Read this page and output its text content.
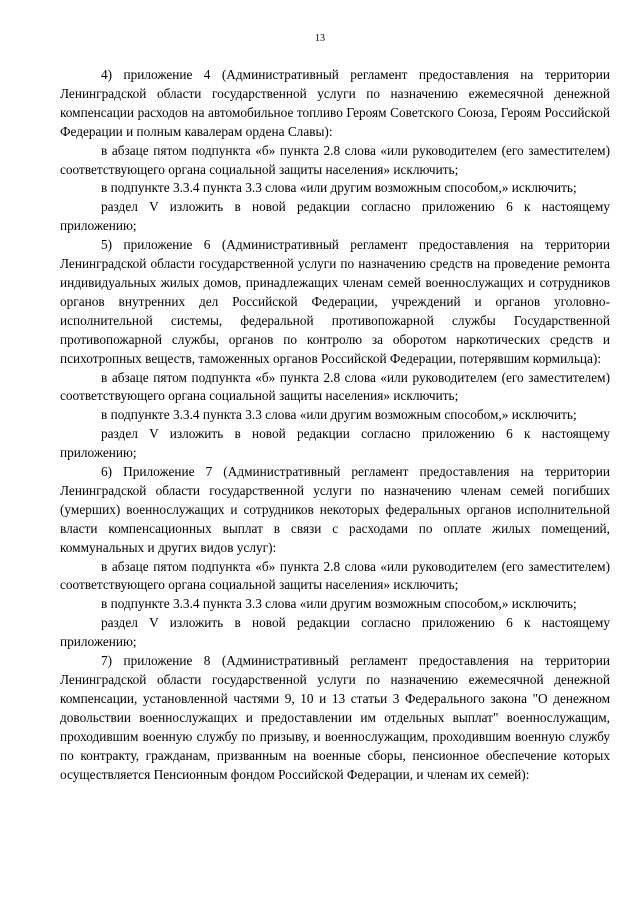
13

4) приложение 4 (Административный регламент предоставления на территории Ленинградской области государственной услуги по назначению ежемесячной денежной компенсации расходов на автомобильное топливо Героям Советского Союза, Героям Российской Федерации и полным кавалерам ордена Славы):

в абзаце пятом подпункта «б» пункта 2.8 слова «или руководителем (его заместителем) соответствующего органа социальной защиты населения» исключить;

в подпункте 3.3.4 пункта 3.3 слова «или другим возможным способом,» исключить;

раздел V изложить в новой редакции согласно приложению 6 к настоящему приложению;

5) приложение 6 (Административный регламент предоставления на территории Ленинградской области государственной услуги по назначению средств на проведение ремонта индивидуальных жилых домов, принадлежащих членам семей военнослужащих и сотрудников органов внутренних дел Российской Федерации, учреждений и органов уголовно-исполнительной системы, федеральной противопожарной службы Государственной противопожарной службы, органов по контролю за оборотом наркотических средств и психотропных веществ, таможенных органов Российской Федерации, потерявшим кормильца):

в абзаце пятом подпункта «б» пункта 2.8 слова «или руководителем (его заместителем) соответствующего органа социальной защиты населения» исключить;

в подпункте 3.3.4 пункта 3.3 слова «или другим возможным способом,» исключить;

раздел V изложить в новой редакции согласно приложению 6 к настоящему приложению;

6) Приложение 7 (Административный регламент предоставления на территории Ленинградской области государственной услуги по назначению членам семей погибших (умерших) военнослужащих и сотрудников некоторых федеральных органов исполнительной власти компенсационных выплат в связи с расходами по оплате жилых помещений, коммунальных и других видов услуг):

в абзаце пятом подпункта «б» пункта 2.8 слова «или руководителем (его заместителем) соответствующего органа социальной защиты населения» исключить;

в подпункте 3.3.4 пункта 3.3 слова «или другим возможным способом,» исключить;

раздел V изложить в новой редакции согласно приложению 6 к настоящему приложению;

7) приложение 8 (Административный регламент предоставления на территории Ленинградской области государственной услуги по назначению ежемесячной денежной компенсации, установленной частями 9, 10 и 13 статьи 3 Федерального закона "О денежном довольствии военнослужащих и предоставлении им отдельных выплат" военнослужащим, проходившим военную службу по призыву, и военнослужащим, проходившим военную службу по контракту, гражданам, призванным на военные сборы, пенсионное обеспечение которых осуществляется Пенсионным фондом Российской Федерации, и членам их семей):
